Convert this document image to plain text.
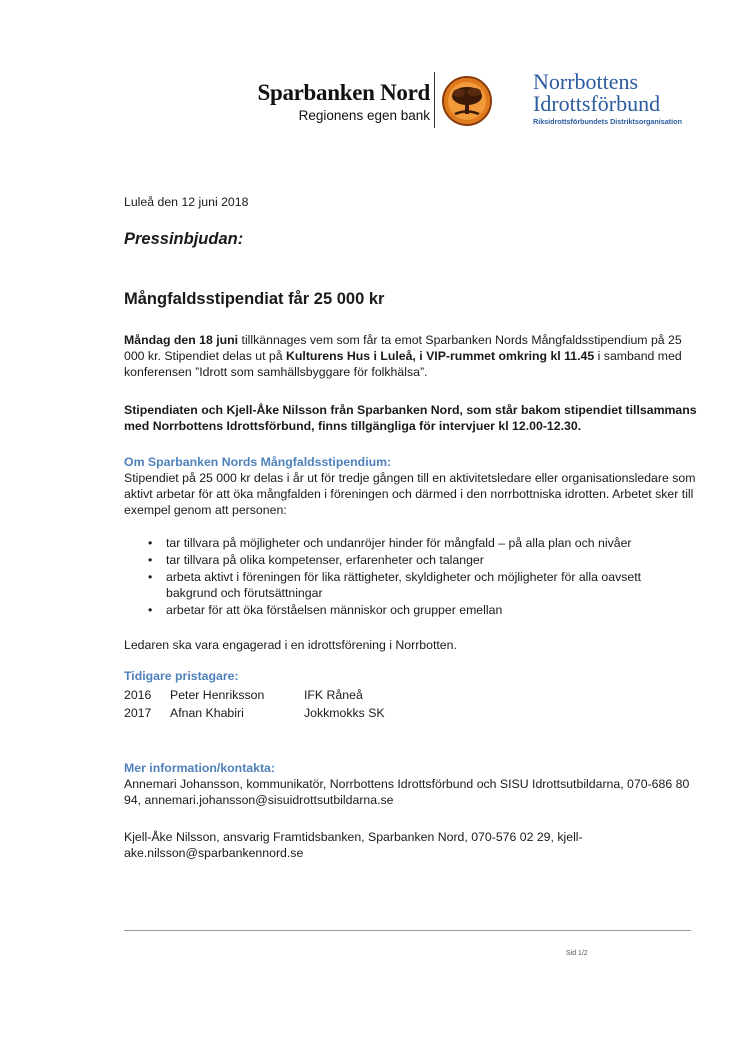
Sparbanken Nord
Regionens egen bank
Norrbottens
Idrottsförbund
Riksidrottsförbundets Distriktsorganisation
Luleå den 12 juni 2018
Pressinbjudan:
Mångfaldsstipendiat får 25 000 kr
Måndag den 18 juni tillkännages vem som får ta emot Sparbanken Nords Mångfaldsstipendium på 25 000 kr. Stipendiet delas ut på Kulturens Hus i Luleå, i VIP-rummet omkring kl 11.45 i samband med konferensen ”Idrott som samhällsbyggare för folkhälsa”.
Stipendiaten och Kjell-Åke Nilsson från Sparbanken Nord, som står bakom stipendiet tillsammans med Norrbottens Idrottsförbund, finns tillgängliga för intervjuer kl 12.00-12.30.
Om Sparbanken Nords Mångfaldsstipendium:
Stipendiet på 25 000 kr delas i år ut för tredje gången till en aktivitetsledare eller organisationsledare som aktivt arbetar för att öka mångfalden i föreningen och därmed i den norrbottniska idrotten. Arbetet sker till exempel genom att personen:
• tar tillvara på möjligheter och undanröjer hinder för mångfald – på alla plan och nivåer
• tar tillvara på olika kompetenser, erfarenheter och talanger
• arbeta aktivt i föreningen för lika rättigheter, skyldigheter och möjligheter för alla oavsett bakgrund och förutsättningar
• arbetar för att öka förståelsen människor och grupper emellan
Ledaren ska vara engagerad i en idrottsförening i Norrbotten.
Tidigare pristagare:
2016	Peter Henriksson	IFK Råneå
2017	Afnan Khabiri	Jokkmokks SK
Mer information/kontakta:
Annemari Johansson, kommunikatör, Norrbottens Idrottsförbund och SISU Idrottsutbildarna, 070-686 80 94, annemari.johansson@sisuidrottsutbildarna.se
Kjell-Åke Nilsson, ansvarig Framtidsbanken, Sparbanken Nord, 070-576 02 29, kjell-ake.nilsson@sparbankennord.se
Sid 1/2
